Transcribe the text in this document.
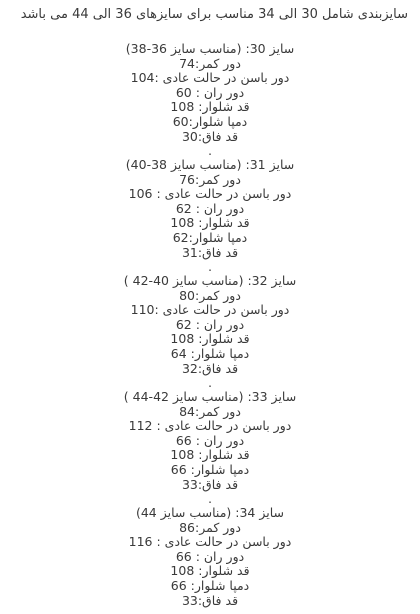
سایزبندی شامل 30 الی 34 مناسب برای سایزهای 36 الی 44 می باشد
سایز 30: (مناسب سایز 36-38)
دور کمر:74
دور باسن در حالت عادی :104
دور ران : 60
قد شلوار: 108
دمپا شلوار:60
قد فاق:30
.
سایز 31: (مناسب سایز 38-40)
دور کمر:76
دور باسن در حالت عادی : 106
دور ران : 62
قد شلوار: 108
دمپا شلوار:62
قد فاق:31
.
سایز 32: (مناسب سایز 40-42 )
دور کمر:80
دور باسن در حالت عادی :110
دور ران : 62
قد شلوار: 108
دمپا شلوار: 64
قد فاق:32
.
سایز 33: (مناسب سایز 42-44 )
دور کمر:84
دور باسن در حالت عادی : 112
دور ران : 66
قد شلوار: 108
دمپا شلوار: 66
قد فاق:33
.
سایز 34: (مناسب سایز 44)
دور کمر:86
دور باسن در حالت عادی : 116
دور ران : 66
قد شلوار: 108
دمپا شلوار: 66
قد فاق:33
